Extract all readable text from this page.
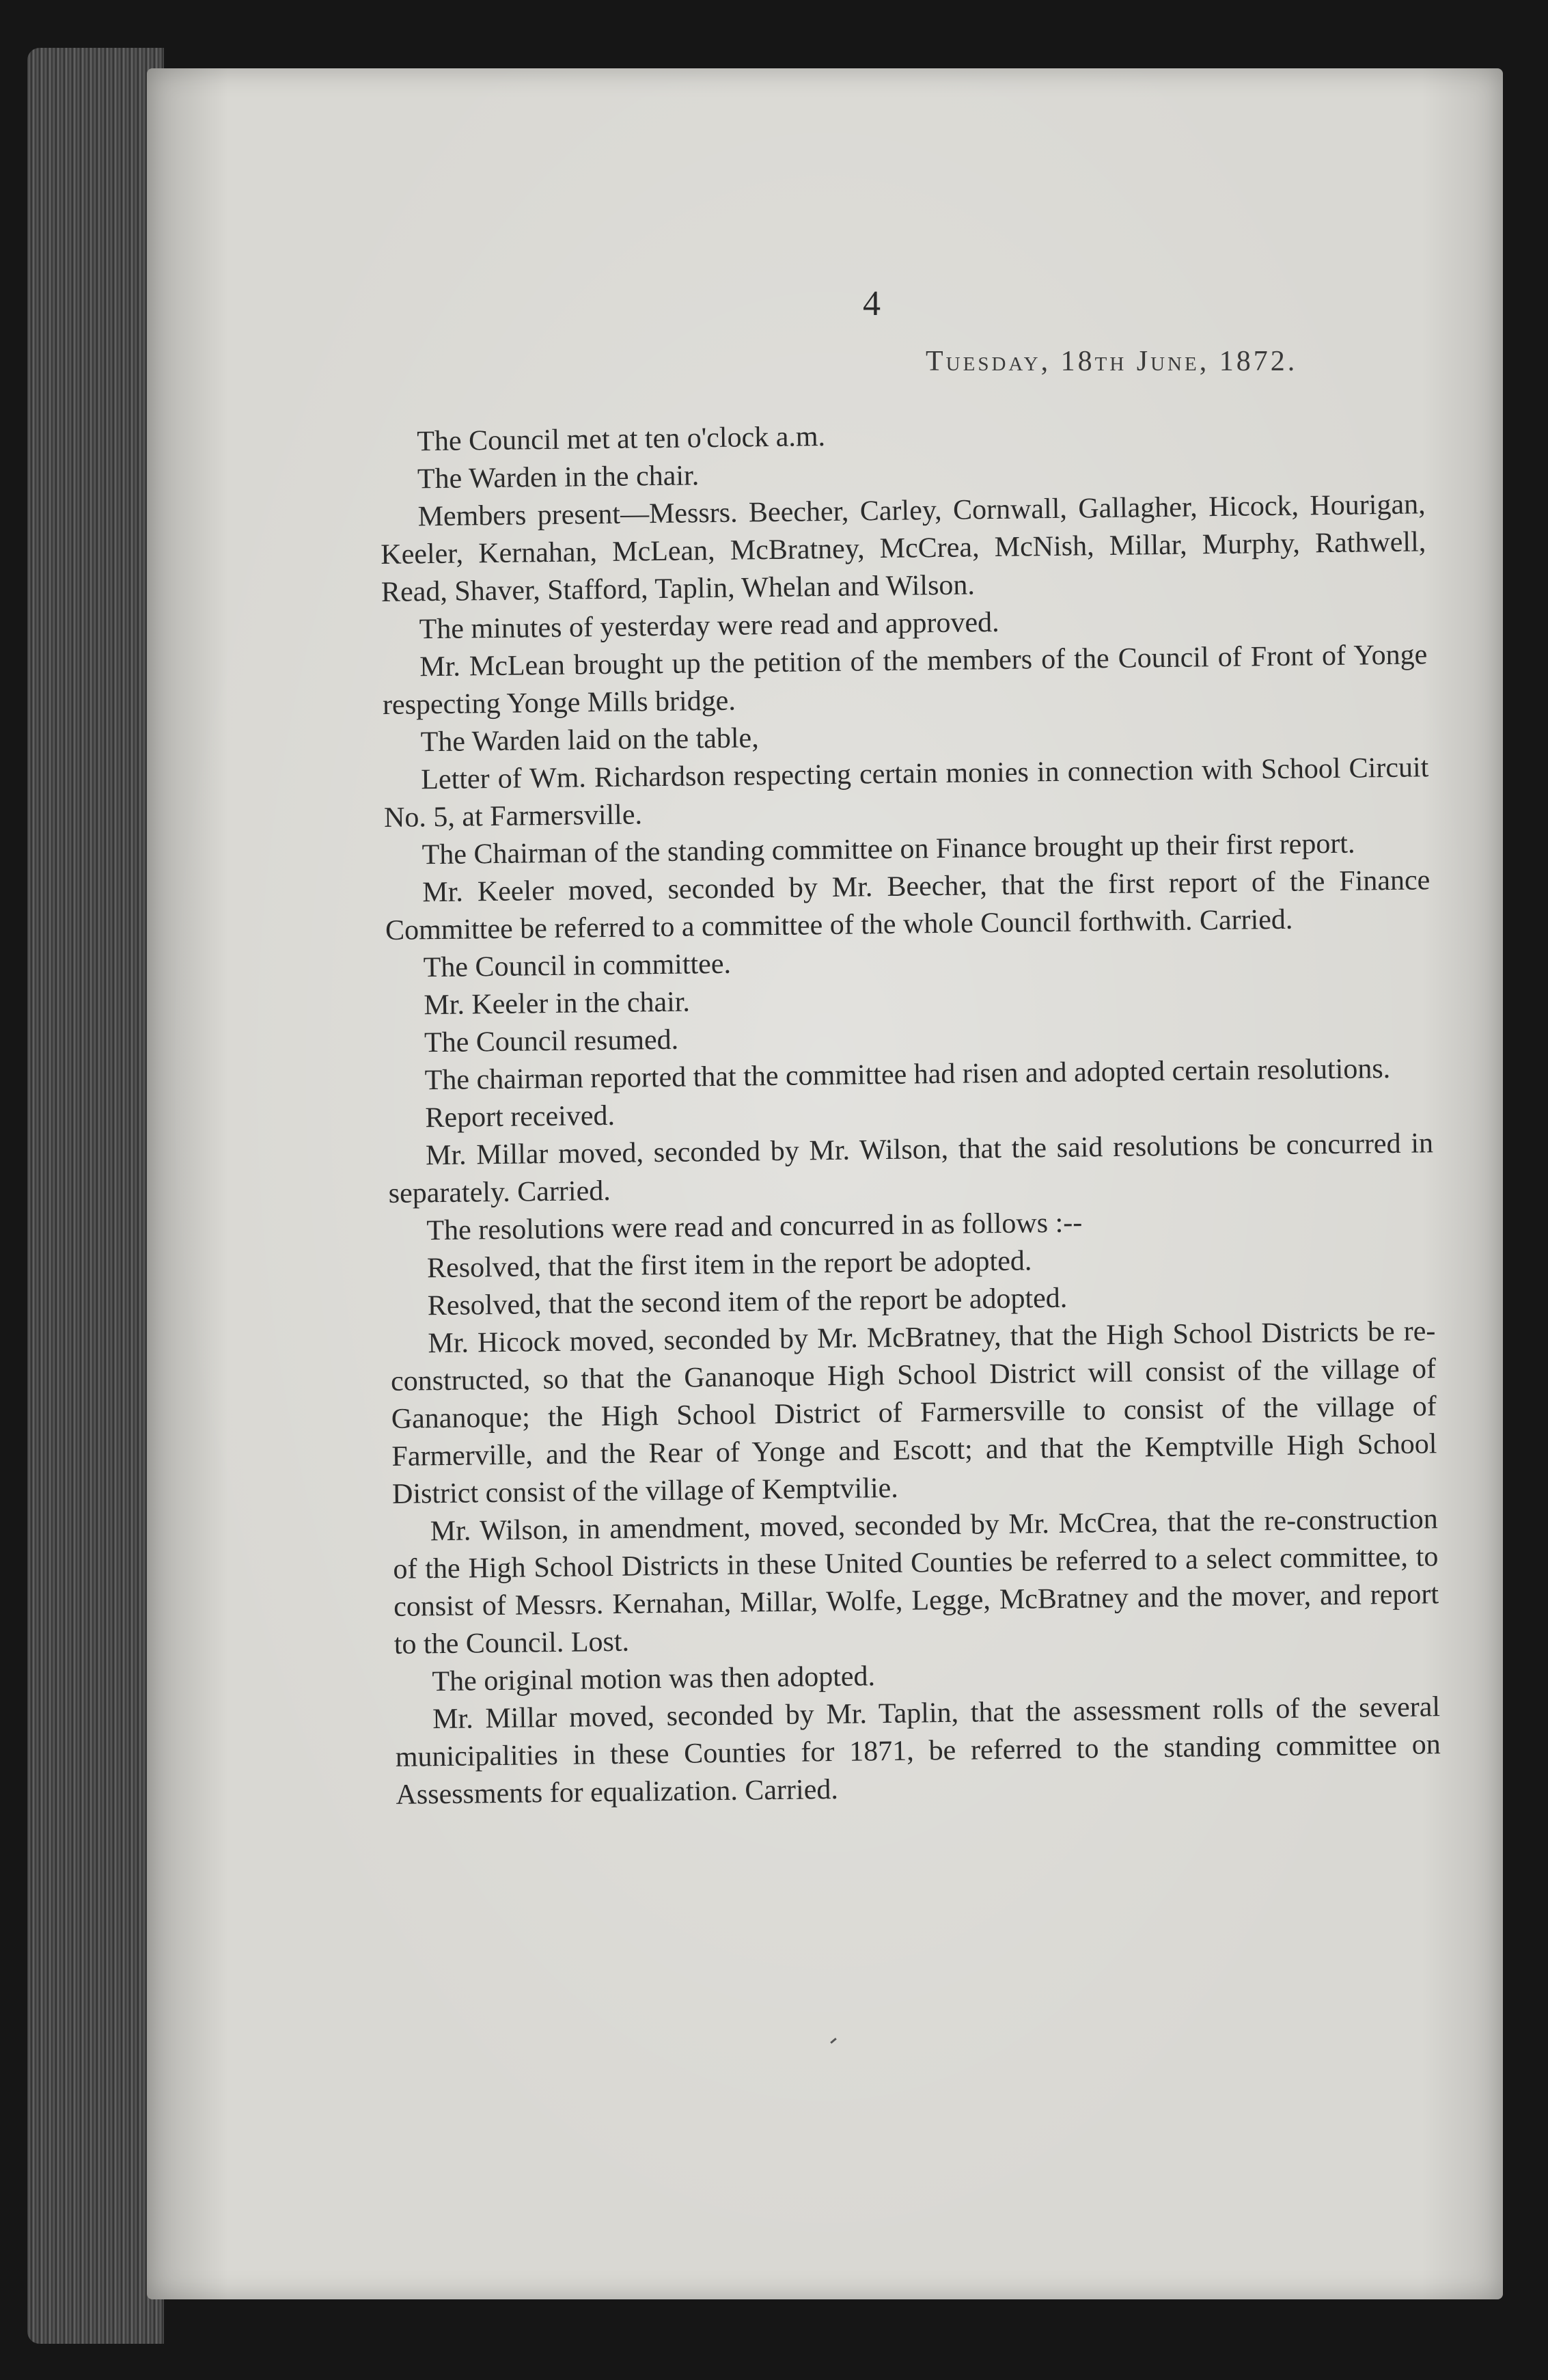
4

Tuesday, 18th June, 1872.

The Council met at ten o'clock a.m.

The Warden in the chair.

Members present—Messrs. Beecher, Carley, Cornwall, Gallagher, Hicock, Hourigan, Keeler, Kernahan, McLean, McBratney, McCrea, McNish, Millar, Murphy, Rathwell, Read, Shaver, Stafford, Taplin, Whelan and Wilson.

The minutes of yesterday were read and approved.

Mr. McLean brought up the petition of the members of the Council of Front of Yonge respecting Yonge Mills bridge.

The Warden laid on the table,

Letter of Wm. Richardson respecting certain monies in connection with School Circuit No. 5, at Farmersville.

The Chairman of the standing committee on Finance brought up their first report.

Mr. Keeler moved, seconded by Mr. Beecher, that the first report of the Finance Committee be referred to a committee of the whole Council forthwith. Carried.

The Council in committee.

Mr. Keeler in the chair.

The Council resumed.

The chairman reported that the committee had risen and adopted certain resolutions.

Report received.

Mr. Millar moved, seconded by Mr. Wilson, that the said resolutions be concurred in separately. Carried.

The resolutions were read and concurred in as follows :--

Resolved, that the first item in the report be adopted.

Resolved, that the second item of the report be adopted.

Mr. Hicock moved, seconded by Mr. McBratney, that the High School Districts be re-constructed, so that the Gananoque High School District will consist of the village of Gananoque; the High School District of Farmersville to consist of the village of Farmerville, and the Rear of Yonge and Escott; and that the Kemptville High School District consist of the village of Kemptvilie.

Mr. Wilson, in amendment, moved, seconded by Mr. McCrea, that the re-construction of the High School Districts in these United Counties be referred to a select committee, to consist of Messrs. Kernahan, Millar, Wolfe, Legge, McBratney and the mover, and report to the Council. Lost.

The original motion was then adopted.

Mr. Millar moved, seconded by Mr. Taplin, that the assessment rolls of the several municipalities in these Counties for 1871, be referred to the standing committee on Assessments for equalization. Carried.
